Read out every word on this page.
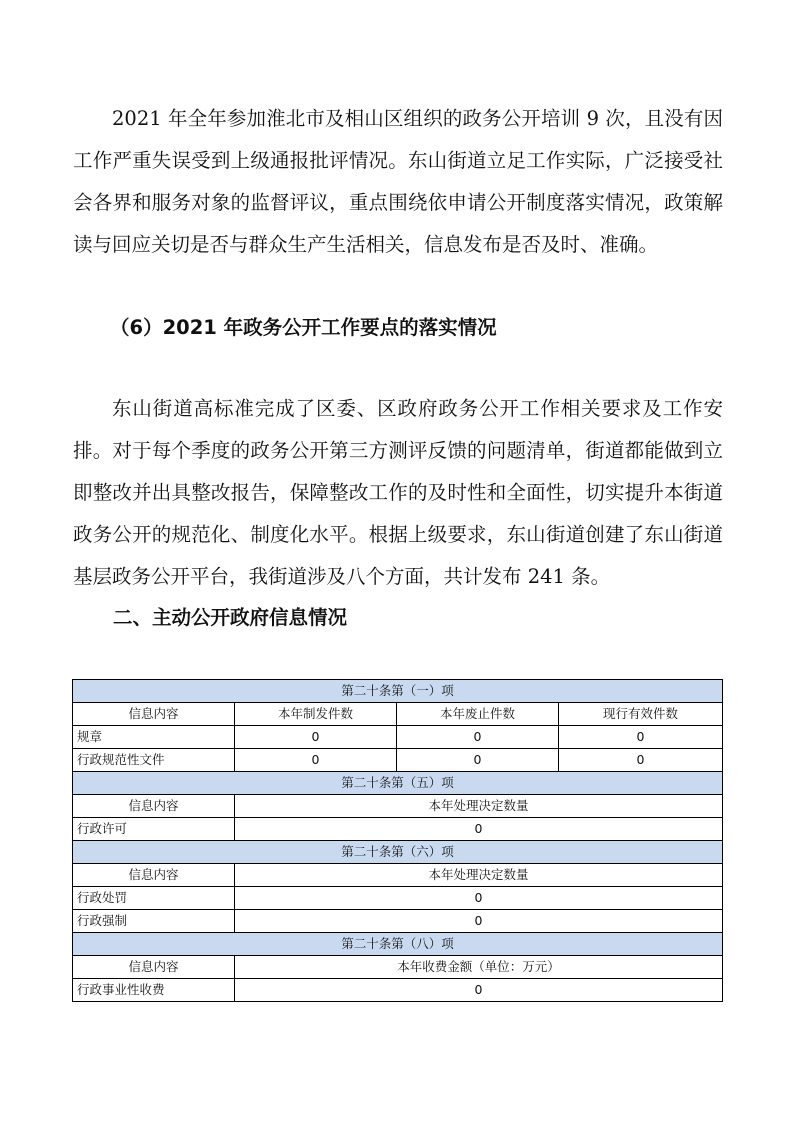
2021 年全年参加淮北市及相山区组织的政务公开培训 9 次，且没有因工作严重失误受到上级通报批评情况。东山街道立足工作实际，广泛接受社会各界和服务对象的监督评议，重点围绕依申请公开制度落实情况，政策解读与回应关切是否与群众生产生活相关，信息发布是否及时、准确。

（6）2021 年政务公开工作要点的落实情况

东山街道高标准完成了区委、区政府政务公开工作相关要求及工作安排。对于每个季度的政务公开第三方测评反馈的问题清单，街道都能做到立即整改并出具整改报告，保障整改工作的及时性和全面性，切实提升本街道政务公开的规范化、制度化水平。根据上级要求，东山街道创建了东山街道基层政务公开平台，我街道涉及八个方面，共计发布 241 条。

二、主动公开政府信息情况
第二十条第（一）项			
信息内容	本年制发件数	本年废止件数	现行有效件数
规章	0	0	0
行政规范性文件	0	0	0
第二十条第（五）项			
信息内容	本年处理决定数量		
行政许可	0		
第二十条第（六）项			
信息内容	本年处理决定数量		
行政处罚	0		
行政强制	0		
第二十条第（八）项			
信息内容	本年收费金额（单位：万元）		
行政事业性收费	0		
